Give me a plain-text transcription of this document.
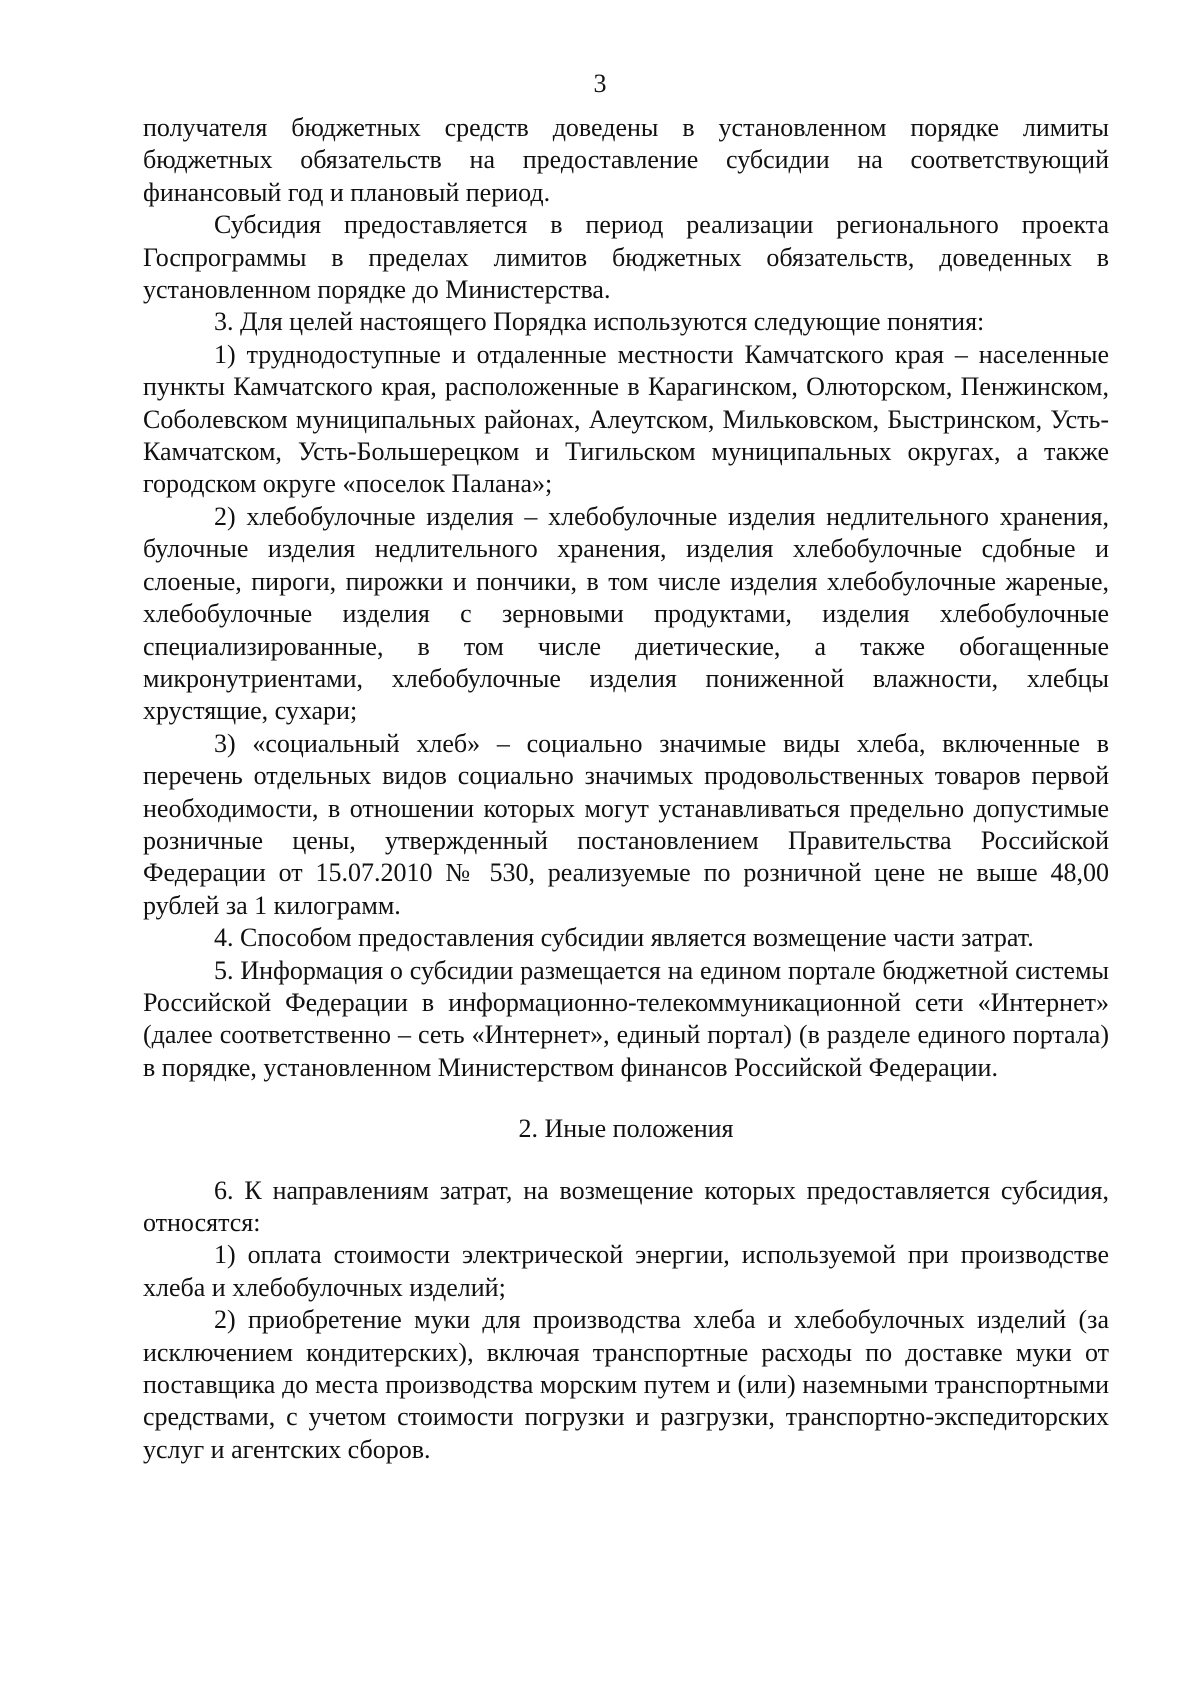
3

получателя бюджетных средств доведены в установленном порядке лимиты бюджетных обязательств на предоставление субсидии на соответствующий финансовый год и плановый период.

Субсидия предоставляется в период реализации регионального проекта Госпрограммы в пределах лимитов бюджетных обязательств, доведенных в установленном порядке до Министерства.

3. Для целей настоящего Порядка используются следующие понятия:

1) труднодоступные и отдаленные местности Камчатского края – населенные пункты Камчатского края, расположенные в Карагинском, Олюторском, Пенжинском, Соболевском муниципальных районах, Алеутском, Мильковском, Быстринском, Усть-Камчатском, Усть-Большерецком и Тигильском муниципальных округах, а также городском округе «поселок Палана»;

2) хлебобулочные изделия – хлебобулочные изделия недлительного хранения, булочные изделия недлительного хранения, изделия хлебобулочные сдобные и слоеные, пироги, пирожки и пончики, в том числе изделия хлебобулочные жареные, хлебобулочные изделия с зерновыми продуктами, изделия хлебобулочные специализированные, в том числе диетические, а также обогащенные микронутриентами, хлебобулочные изделия пониженной влажности, хлебцы хрустящие, сухари;

3) «социальный хлеб» – социально значимые виды хлеба, включенные в перечень отдельных видов социально значимых продовольственных товаров первой необходимости, в отношении которых могут устанавливаться предельно допустимые розничные цены, утвержденный постановлением Правительства Российской Федерации от 15.07.2010 № 530, реализуемые по розничной цене не выше 48,00 рублей за 1 килограмм.

4. Способом предоставления субсидии является возмещение части затрат.

5. Информация о субсидии размещается на едином портале бюджетной системы Российской Федерации в информационно-телекоммуникационной сети «Интернет» (далее соответственно – сеть «Интернет», единый портал) (в разделе единого портала) в порядке, установленном Министерством финансов Российской Федерации.

2. Иные положения

6. К направлениям затрат, на возмещение которых предоставляется субсидия, относятся:

1) оплата стоимости электрической энергии, используемой при производстве хлеба и хлебобулочных изделий;

2) приобретение муки для производства хлеба и хлебобулочных изделий (за исключением кондитерских), включая транспортные расходы по доставке муки от поставщика до места производства морским путем и (или) наземными транспортными средствами, с учетом стоимости погрузки и разгрузки, транспортно-экспедиторских услуг и агентских сборов.
